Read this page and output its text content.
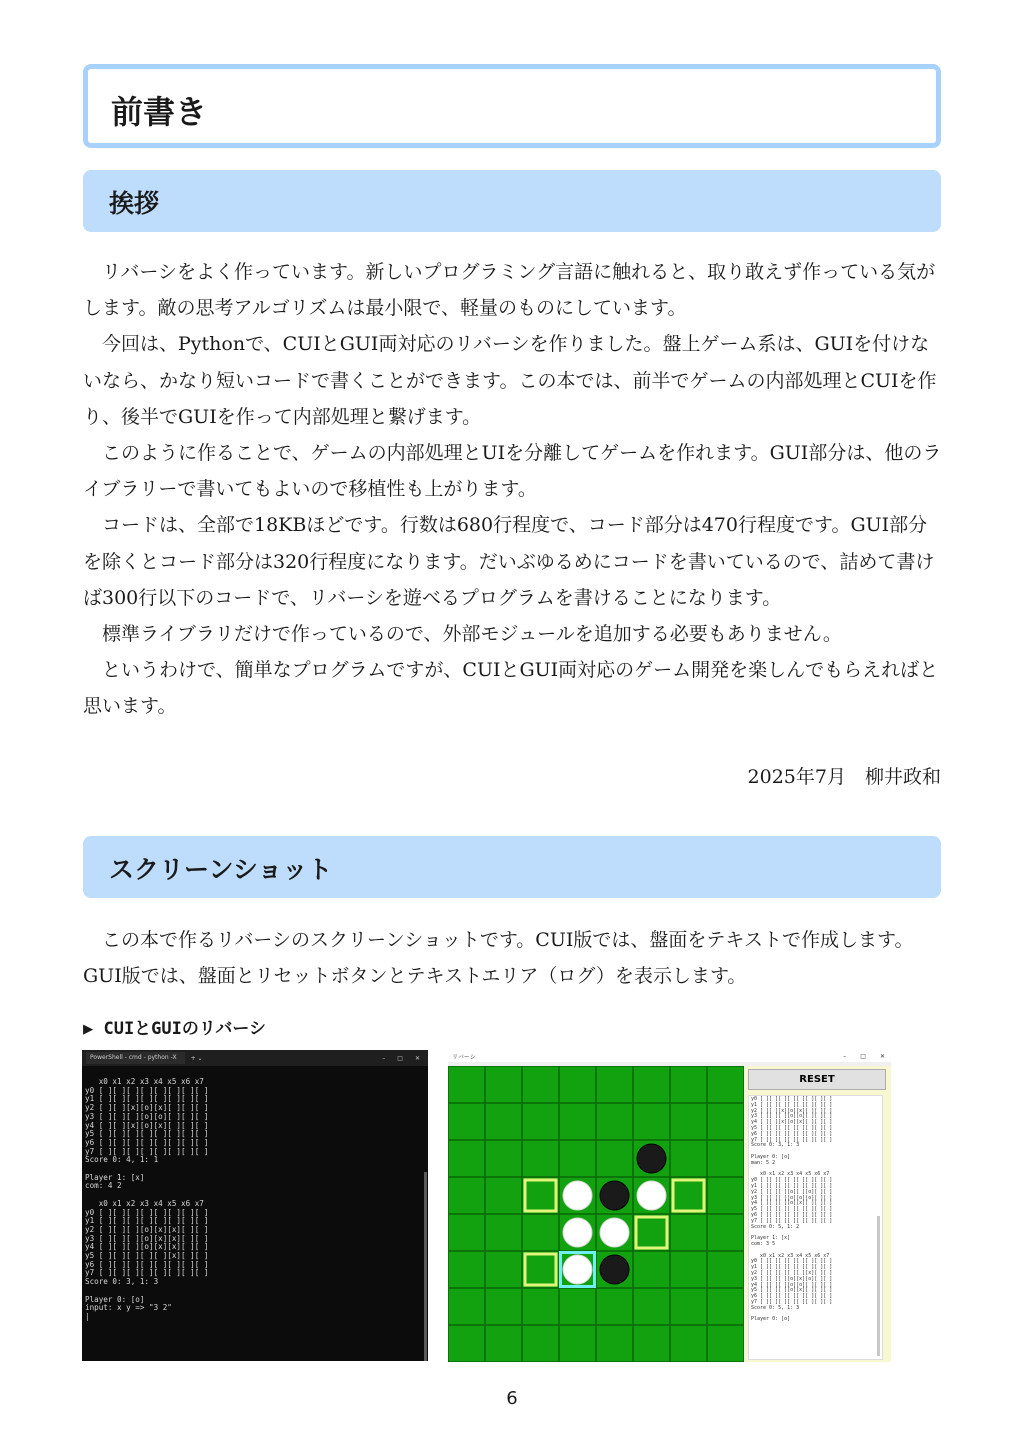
前書き
挨拶

リバーシをよく作っています。新しいプログラミング言語に触れると、取り敢えず作っている気がします。敵の思考アルゴリズムは最小限で、軽量のものにしています。

今回は、Pythonで、CUIとGUI両対応のリバーシを作りました。盤上ゲーム系は、GUIを付けないなら、かなり短いコードで書くことができます。この本では、前半でゲームの内部処理とCUIを作り、後半でGUIを作って内部処理と繋げます。

このように作ることで、ゲームの内部処理とUIを分離してゲームを作れます。GUI部分は、他のライブラリーで書いてもよいので移植性も上がります。

コードは、全部で18KBほどです。行数は680行程度で、コード部分は470行程度です。GUI部分を除くとコード部分は320行程度になります。だいぶゆるめにコードを書いているので、詰めて書けば300行以下のコードで、リバーシを遊べるプログラムを書けることになります。

標準ライブラリだけで作っているので、外部モジュールを追加する必要もありません。

というわけで、簡単なプログラムですが、CUIとGUI両対応のゲーム開発を楽しんでもらえればと思います。

2025年7月　柳井政和
スクリーンショット

この本で作るリバーシのスクリーンショットです。CUI版では、盤面をテキストで作成します。GUI版では、盤面とリセットボタンとテキストエリア（ログ）を表示します。

▶ CUIとGUIのリバーシ
PowerShell - cmd - python -X	+ ⌄	– □ ✕
x0 x1 x2 x3 x4 x5 x6 x7
y0 [ ][ ][ ][ ][ ][ ][ ][ ]
y1 [ ][ ][ ][ ][ ][ ][ ][ ]
y2 [ ][ ][x][o][x][ ][ ][ ]
y3 [ ][ ][ ][o][o][ ][ ][ ]
y4 [ ][ ][x][o][x][ ][ ][ ]
y5 [ ][ ][ ][ ][ ][ ][ ][ ]
y6 [ ][ ][ ][ ][ ][ ][ ][ ]
y7 [ ][ ][ ][ ][ ][ ][ ][ ]
Score 0: 4, 1: 1

Player 1: [x]
com: 4 2

x0 x1 x2 x3 x4 x5 x6 x7
y0 [ ][ ][ ][ ][ ][ ][ ][ ]
y1 [ ][ ][ ][ ][ ][ ][ ][ ]
y2 [ ][ ][ ][o][x][x][ ][ ]
y3 [ ][ ][ ][o][x][x][ ][ ]
y4 [ ][ ][ ][o][x][x][ ][ ]
y5 [ ][ ][ ][ ][ ][x][ ][ ]
y6 [ ][ ][ ][ ][ ][ ][ ][ ]
y7 [ ][ ][ ][ ][ ][ ][ ][ ]
Score 0: 3, 1: 3

Player 0: [o]
input: x y => "3 2"
|
リバーシ	– □ ✕
RESET
y0 [ ][ ][ ][ ][ ][ ][ ][ ]
y1 [ ][ ][ ][ ][ ][ ][ ][ ]
y2 [ ][ ][x][o][x][ ][ ][ ]
y3 [ ][ ][ ][o][o][ ][ ][ ]
y4 [ ][ ][x][o][x][ ][ ][ ]
y5 [ ][ ][ ][ ][ ][ ][ ][ ]
y6 [ ][ ][ ][ ][ ][ ][ ][ ]
y7 [ ][ ][ ][ ][ ][ ][ ][ ]
Score 0: 3, 1: 3

Player 0: [o]
man: 5 2

x0 x1 x2 x3 x4 x5 x6 x7
y0 [ ][ ][ ][ ][ ][ ][ ][ ]
y1 [ ][ ][ ][ ][ ][ ][ ][ ]
y2 [ ][ ][ ][o][ ][o][ ][ ]
y3 [ ][ ][ ][o][o][o][ ][ ]
y4 [ ][ ][ ][o][x][ ][ ][ ]
y5 [ ][ ][ ][ ][ ][ ][ ][ ]
y6 [ ][ ][ ][ ][ ][ ][ ][ ]
y7 [ ][ ][ ][ ][ ][ ][ ][ ]
Score 0: 5, 1: 2

Player 1: [x]
com: 3 5

x0 x1 x2 x3 x4 x5 x6 x7
y0 [ ][ ][ ][ ][ ][ ][ ][ ]
y1 [ ][ ][ ][ ][ ][ ][ ][ ]
y2 [ ][ ][ ][ ][ ][x][ ][ ]
y3 [ ][ ][ ][o][x][o][ ][ ]
y4 [ ][ ][ ][o][o][ ][ ][ ]
y5 [ ][ ][ ][o][x][ ][ ][ ]
y6 [ ][ ][ ][ ][ ][ ][ ][ ]
y7 [ ][ ][ ][ ][ ][ ][ ][ ]
Score 0: 5, 1: 3

Player 0: [o]
6
